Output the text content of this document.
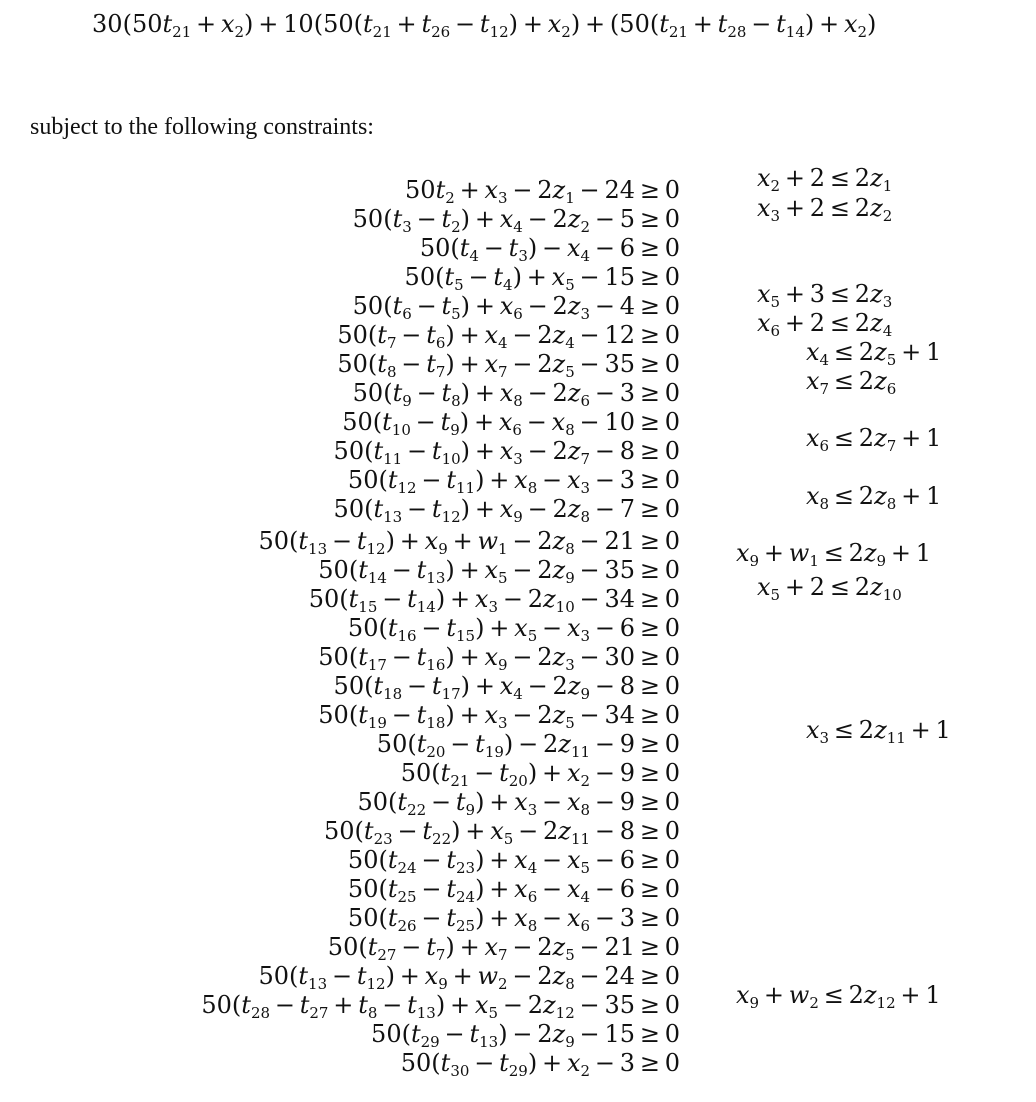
$30(50t_{21} + x_2) + 10(50(t_{21} + t_{26} - t_{12}) + x_2) + (50(t_{21} + t_{28} - t_{14}) + x_2)$
subject to the following constraints:
$50t_2 + x_3 - 2z_1 - 24 \ge 0$
$50(t_3 - t_2) + x_4 - 2z_2 - 5 \ge 0$
$50(t_4 - t_3) - x_4 - 6 \ge 0$
$50(t_5 - t_4) + x_5 - 15 \ge 0$
$50(t_6 - t_5) + x_6 - 2z_3 - 4 \ge 0$
$50(t_7 - t_6) + x_4 - 2z_4 - 12 \ge 0$
$50(t_8 - t_7) + x_7 - 2z_5 - 35 \ge 0$
$50(t_9 - t_8) + x_8 - 2z_6 - 3 \ge 0$
$50(t_{10} - t_9) + x_6 - x_8 - 10 \ge 0$
$50(t_{11} - t_{10}) + x_3 - 2z_7 - 8 \ge 0$
$50(t_{12} - t_{11}) + x_8 - x_3 - 3 \ge 0$
$50(t_{13} - t_{12}) + x_9 - 2z_8 - 7 \ge 0$
$50(t_{13} - t_{12}) + x_9 + w_1 - 2z_8 - 21 \ge 0$
$50(t_{14} - t_{13}) + x_5 - 2z_9 - 35 \ge 0$
$50(t_{15} - t_{14}) + x_3 - 2z_{10} - 34 \ge 0$
$50(t_{16} - t_{15}) + x_5 - x_3 - 6 \ge 0$
$50(t_{17} - t_{16}) + x_9 - 2z_3 - 30 \ge 0$
$50(t_{18} - t_{17}) + x_4 - 2z_9 - 8 \ge 0$
$50(t_{19} - t_{18}) + x_3 - 2z_5 - 34 \ge 0$
$50(t_{20} - t_{19}) - 2z_{11} - 9 \ge 0$
$50(t_{21} - t_{20}) + x_2 - 9 \ge 0$
$50(t_{22} - t_9) + x_3 - x_8 - 9 \ge 0$
$50(t_{23} - t_{22}) + x_5 - 2z_{11} - 8 \ge 0$
$50(t_{24} - t_{23}) + x_4 - x_5 - 6 \ge 0$
$50(t_{25} - t_{24}) + x_6 - x_4 - 6 \ge 0$
$50(t_{26} - t_{25}) + x_8 - x_6 - 3 \ge 0$
$50(t_{27} - t_7) + x_7 - 2z_5 - 21 \ge 0$
$50(t_{13} - t_{12}) + x_9 + w_2 - 2z_8 - 24 \ge 0$
$50(t_{28} - t_{27} + t_8 - t_{13}) + x_5 - 2z_{12} - 35 \ge 0$
$50(t_{29} - t_{13}) - 2z_9 - 15 \ge 0$
$50(t_{30} - t_{29}) + x_2 - 3 \ge 0$
$x_2 + 2 \le 2z_1$
$x_3 + 2 \le 2z_2$
$x_5 + 3 \le 2z_3$
$x_6 + 2 \le 2z_4$
$x_4 \le 2z_5 + 1$
$x_7 \le 2z_6$
$x_6 \le 2z_7 + 1$
$x_8 \le 2z_8 + 1$
$x_9 + w_1 \le 2z_9 + 1$
$x_5 + 2 \le 2z_{10}$
$x_3 \le 2z_{11} + 1$
$x_9 + w_2 \le 2z_{12} + 1$
